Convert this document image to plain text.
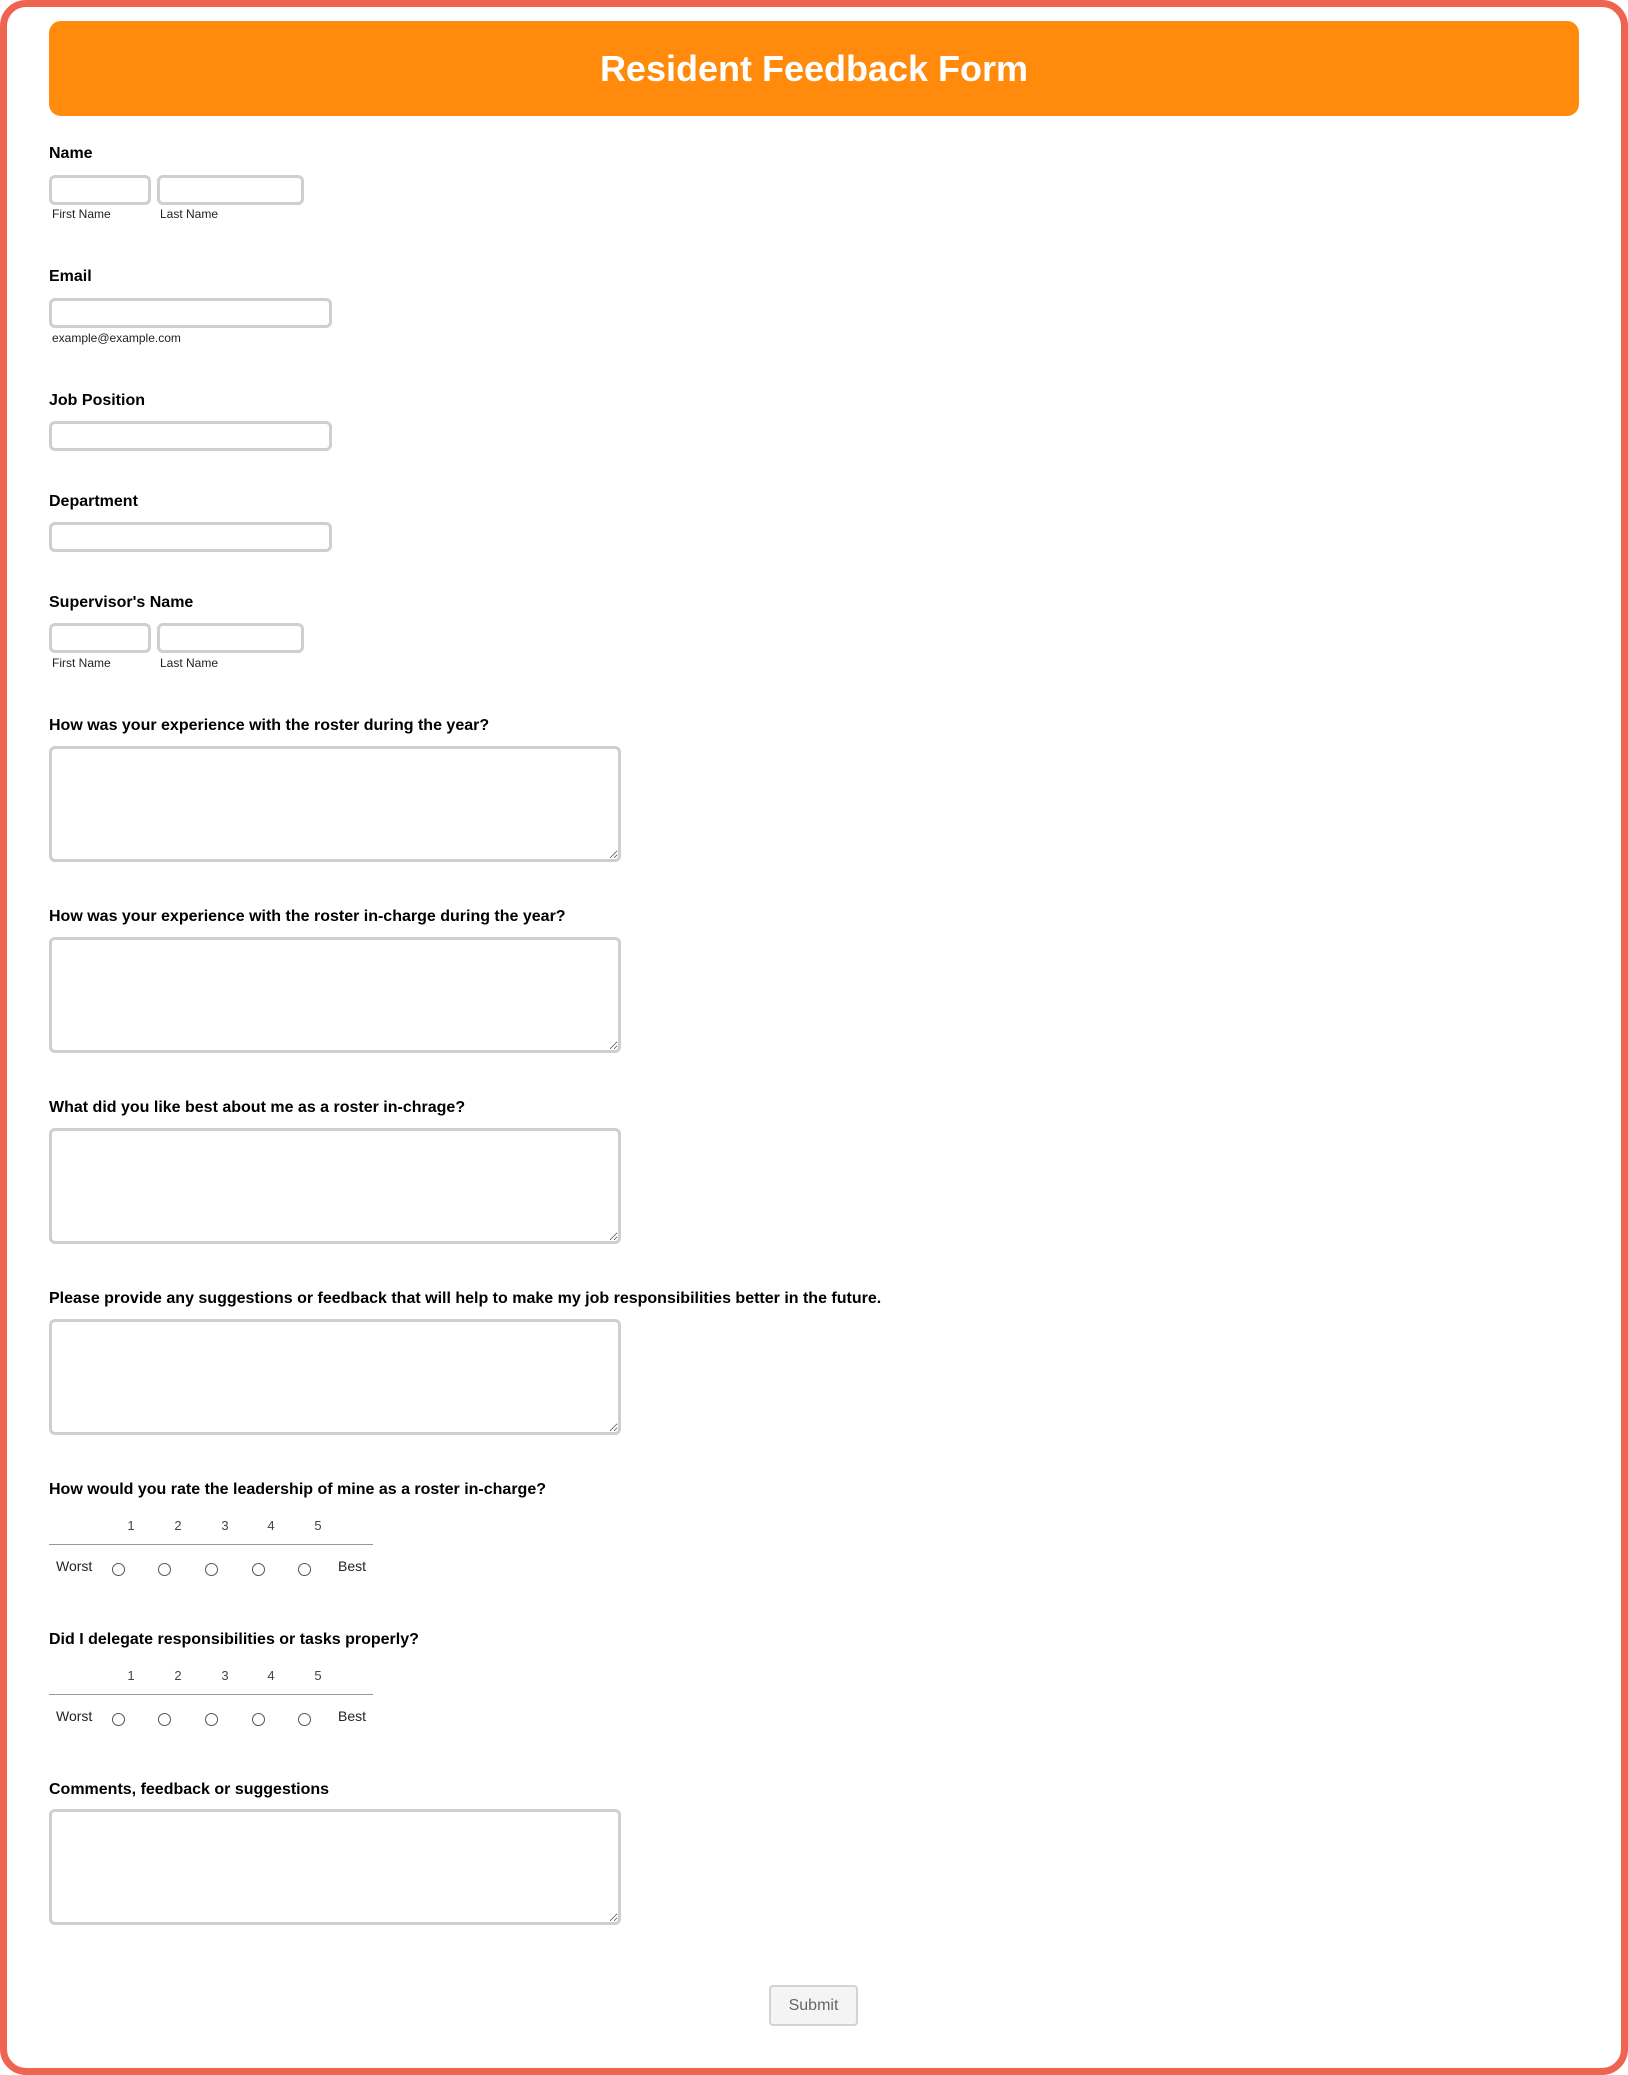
Resident Feedback Form
Name
First Name	Last Name
Email
example@example.com
Job Position
Department
Supervisor's Name
First Name	Last Name
How was your experience with the roster during the year?
How was your experience with the roster in-charge during the year?
What did you like best about me as a roster in-chrage?
Please provide any suggestions or feedback that will help to make my job responsibilities better in the future.
How would you rate the leadership of mine as a roster in-charge?
1	2	3	4	5
Worst	Best
Did I delegate responsibilities or tasks properly?
1	2	3	4	5
Worst	Best
Comments, feedback or suggestions
Submit
